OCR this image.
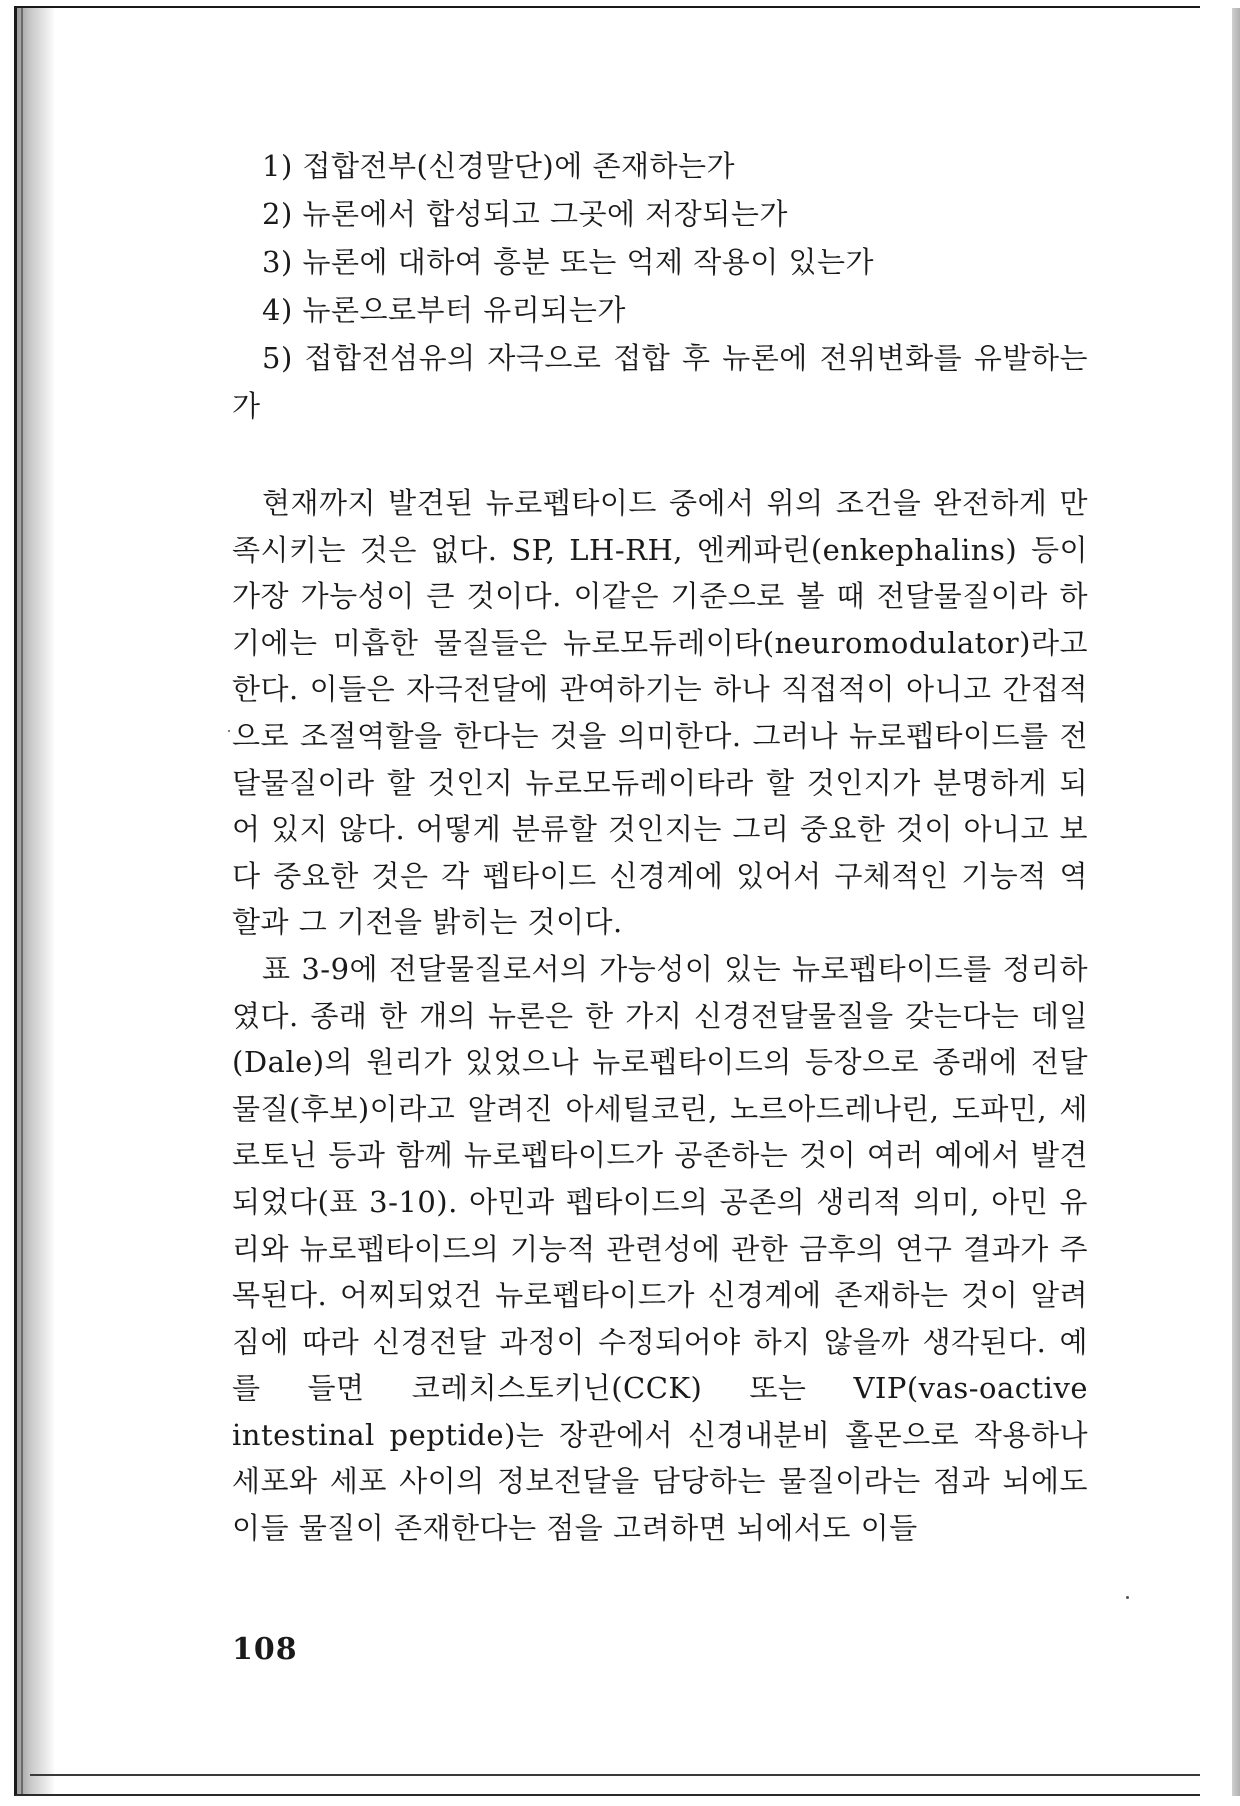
1) 접합전부(신경말단)에 존재하는가

2) 뉴론에서 합성되고 그곳에 저장되는가

3) 뉴론에 대하여 흥분 또는 억제 작용이 있는가

4) 뉴론으로부터 유리되는가

5) 접합전섬유의 자극으로 접합 후 뉴론에 전위변화를 유발하는가

현재까지 발견된 뉴로펩타이드 중에서 위의 조건을 완전하게 만족시키는 것은 없다. SP, LH-RH, 엔케파린(enkephalins) 등이 가장 가능성이 큰 것이다. 이같은 기준으로 볼 때 전달물질이라 하기에는 미흡한 물질들은 뉴로모듀레이타(neuromodulator)라고 한다. 이들은 자극전달에 관여하기는 하나 직접적이 아니고 간접적으로 조절역할을 한다는 것을 의미한다. 그러나 뉴로펩타이드를 전달물질이라 할 것인지 뉴로모듀레이타라 할 것인지가 분명하게 되어 있지 않다. 어떻게 분류할 것인지는 그리 중요한 것이 아니고 보다 중요한 것은 각 펩타이드 신경계에 있어서 구체적인 기능적 역할과 그 기전을 밝히는 것이다.

표 3-9에 전달물질로서의 가능성이 있는 뉴로펩타이드를 정리하였다. 종래 한 개의 뉴론은 한 가지 신경전달물질을 갖는다는 데일(Dale)의 원리가 있었으나 뉴로펩타이드의 등장으로 종래에 전달물질(후보)이라고 알려진 아세틸코린, 노르아드레나린, 도파민, 세로토닌 등과 함께 뉴로펩타이드가 공존하는 것이 여러 예에서 발견되었다(표 3-10). 아민과 펩타이드의 공존의 생리적 의미, 아민 유리와 뉴로펩타이드의 기능적 관련성에 관한 금후의 연구 결과가 주목된다. 어찌되었건 뉴로펩타이드가 신경계에 존재하는 것이 알려짐에 따라 신경전달 과정이 수정되어야 하지 않을까 생각된다. 예를 들면 코레치스토키닌(CCK) 또는 VIP(vas-oactive intestinal peptide)는 장관에서 신경내분비 홀몬으로 작용하나 세포와 세포 사이의 정보전달을 담당하는 물질이라는 점과 뇌에도 이들 물질이 존재한다는 점을 고려하면 뇌에서도 이들

108
